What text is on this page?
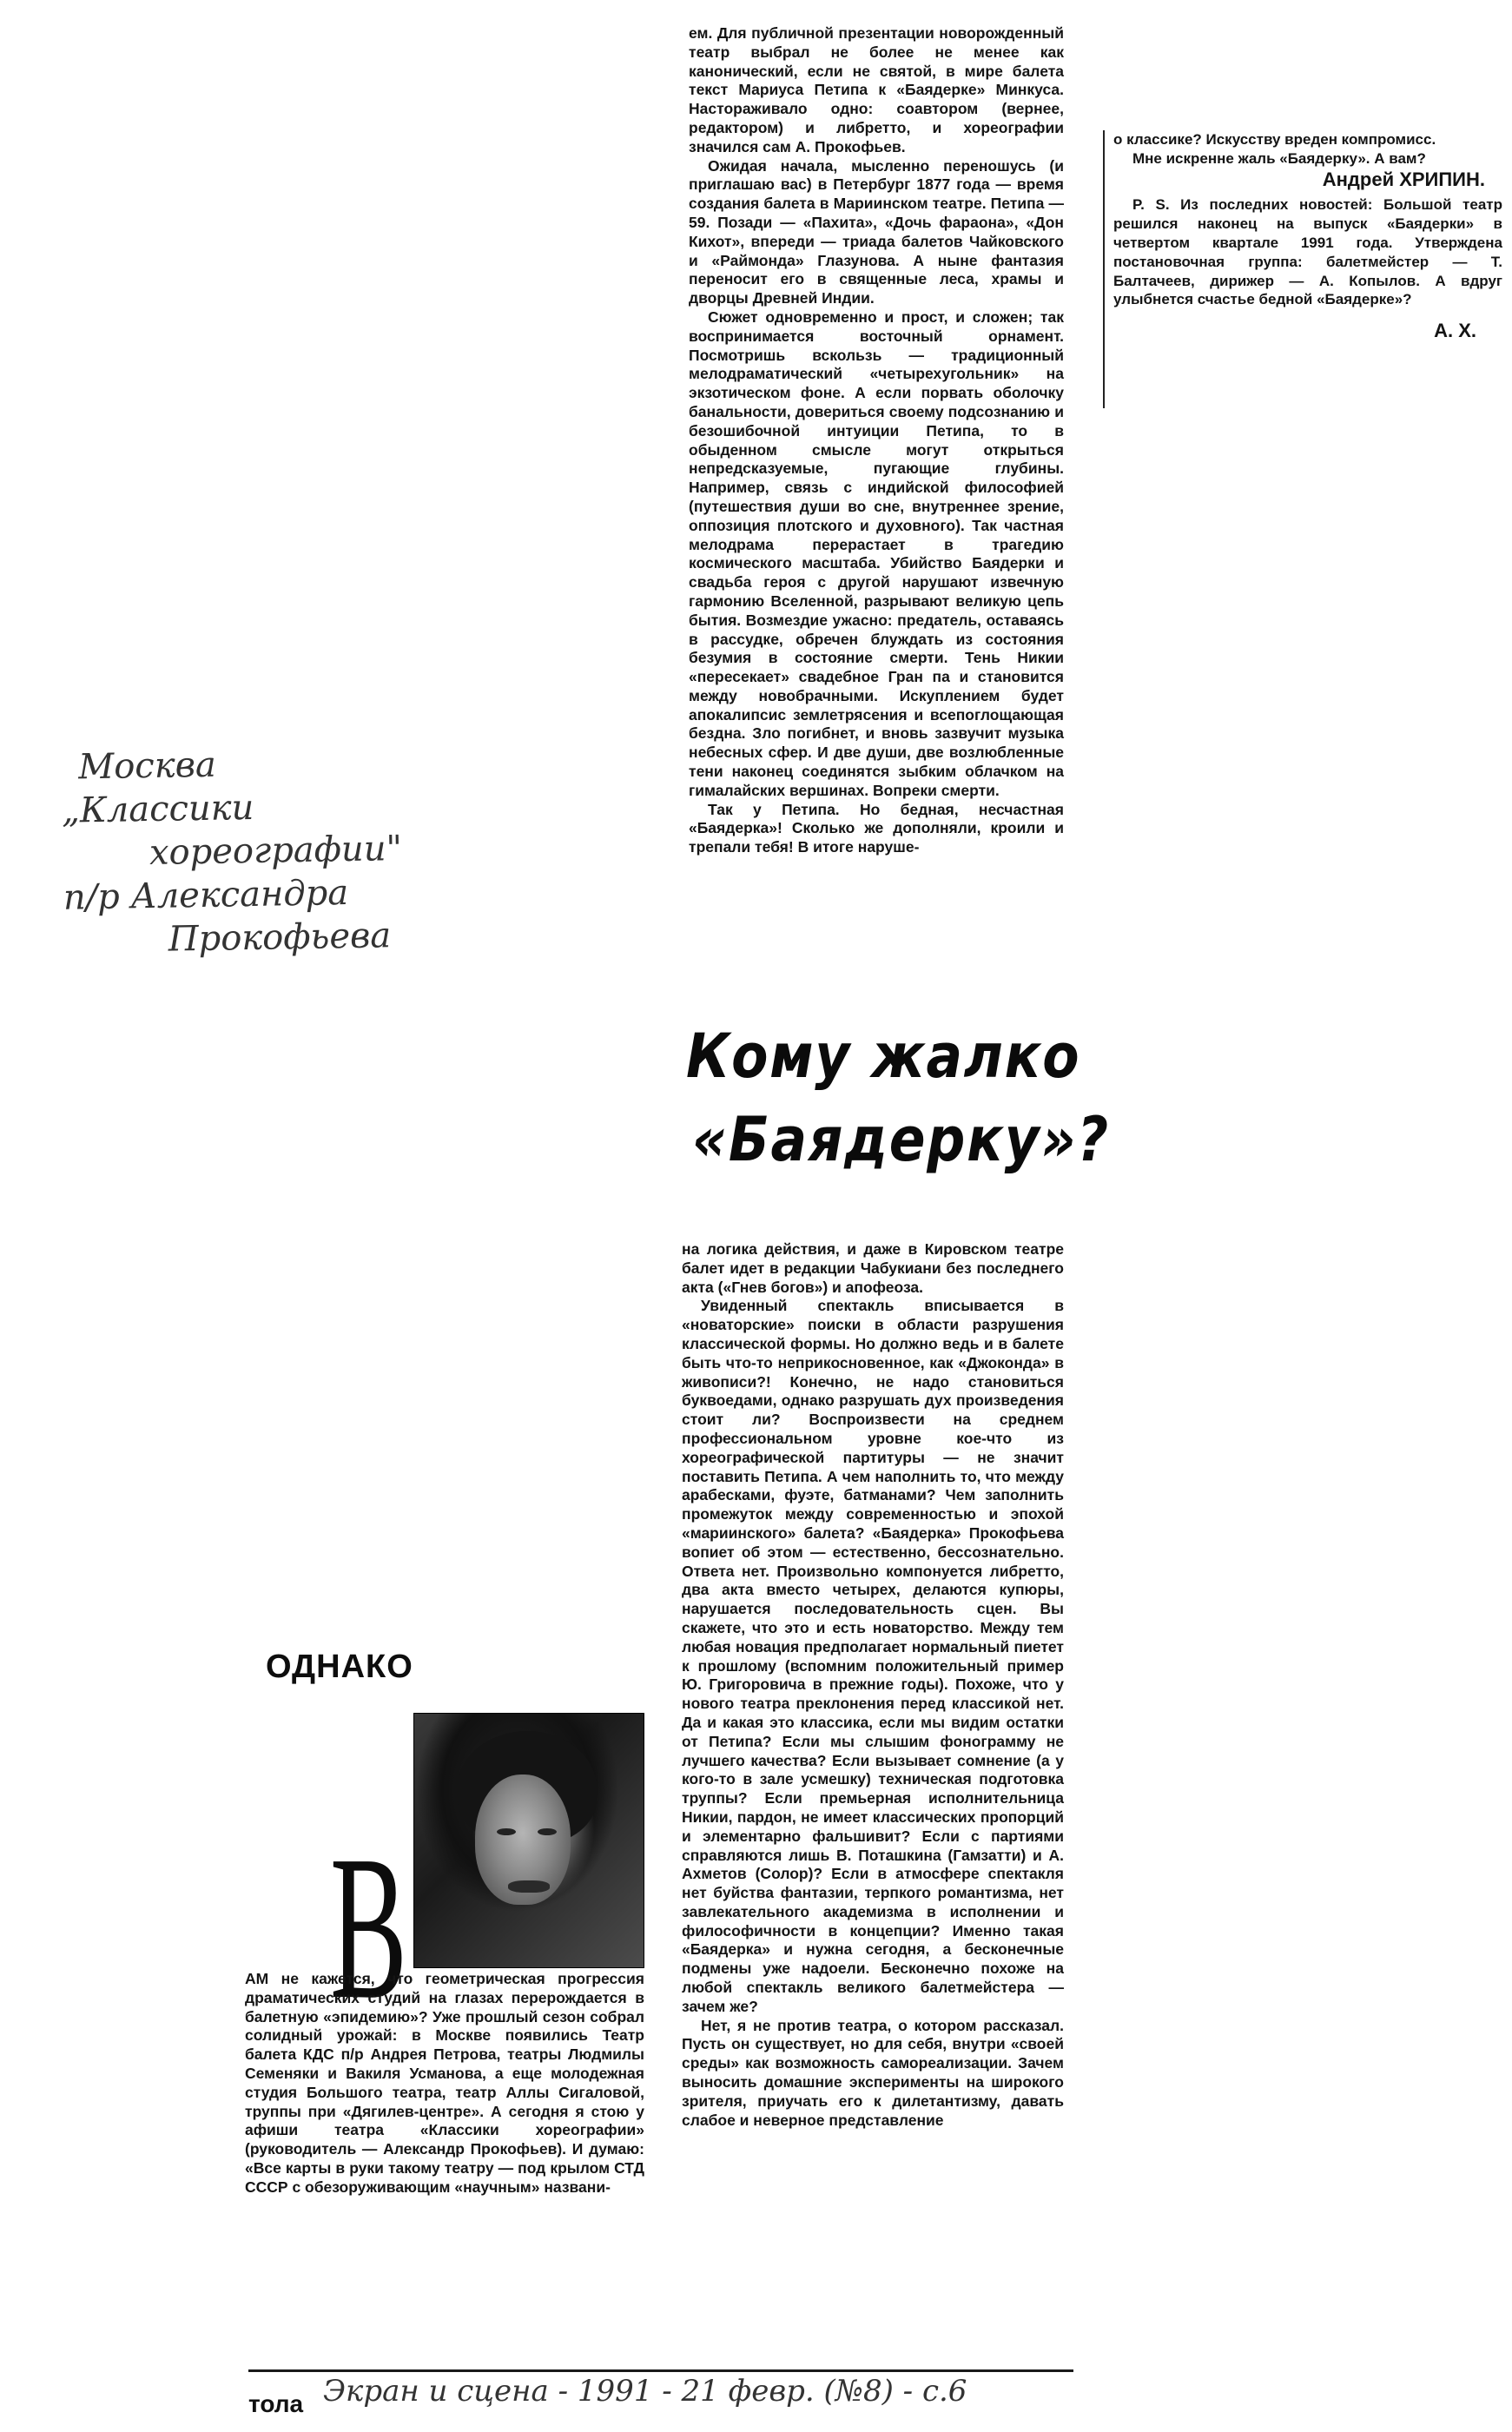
ем. Для публичной презентации новорожденный театр выбрал не более не менее как канонический, если не святой, в мире балета текст Мариуса Петипа к «Баядерке» Минкуса. Настораживало одно: соавтором (вернее, редактором) и либретто, и хореографии значился сам А. Прокофьев.

Ожидая начала, мысленно переношусь (и приглашаю вас) в Петербург 1877 года — время создания балета в Мариинском театре. Петипа — 59. Позади — «Пахита», «Дочь фараона», «Дон Кихот», впереди — триада балетов Чайковского и «Раймонда» Глазунова. А ныне фантазия переносит его в священные леса, храмы и дворцы Древней Индии.

Сюжет одновременно и прост, и сложен; так воспринимается восточный орнамент. Посмотришь вскользь — традиционный мелодраматический «четырехугольник» на экзотическом фоне. А если порвать оболочку банальности, довериться своему подсознанию и безошибочной интуиции Петипа, то в обыденном смысле могут открыться непредсказуемые, пугающие глубины. Например, связь с индийской философией (путешествия души во сне, внутреннее зрение, оппозиция плотского и духовного). Так частная мелодрама перерастает в трагедию космического масштаба. Убийство Баядерки и свадьба героя с другой нарушают извечную гармонию Вселенной, разрывают великую цепь бытия. Возмездие ужасно: предатель, оставаясь в рассудке, обречен блуждать из состояния безумия в состояние смерти. Тень Никии «пересекает» свадебное Гран па и становится между новобрачными. Искуплением будет апокалипсис землетрясения и всепоглощающая бездна. Зло погибнет, и вновь зазвучит музыка небесных сфер. И две души, две возлюбленные тени наконец соединятся зыбким облачком на гималайских вершинах. Вопреки смерти.

Так у Петипа. Но бедная, несчастная «Баядерка»! Сколько же дополняли, кроили и трепали тебя! В итоге наруше-

Кому жалко
«Баядерку»?

на логика действия, и даже в Кировском театре балет идет в редакции Чабукиани без последнего акта («Гнев богов») и апофеоза.

Увиденный спектакль вписывается в «новаторские» поиски в области разрушения классической формы. Но должно ведь и в балете быть что-то неприкосновенное, как «Джоконда» в живописи?! Конечно, не надо становиться буквоедами, однако разрушать дух произведения стоит ли? Воспроизвести на среднем профессиональном уровне кое-что из хореографической партитуры — не значит поставить Петипа. А чем наполнить то, что между арабесками, фуэте, батманами? Чем заполнить промежуток между современностью и эпохой «мариинского» балета? «Баядерка» Прокофьева вопиет об этом — естественно, бессознательно. Ответа нет. Произвольно компонуется либретто, два акта вместо четырех, делаются купюры, нарушается последовательность сцен. Вы скажете, что это и есть новаторство. Между тем любая новация предполагает нормальный пиетет к прошлому (вспомним положительный пример Ю. Григоровича в прежние годы). Похоже, что у нового театра преклонения перед классикой нет. Да и какая это классика, если мы видим остатки от Петипа? Если мы слышим фонограмму не лучшего качества? Если вызывает сомнение (а у кого-то в зале усмешку) техническая подготовка труппы? Если премьерная исполнительница Никии, пардон, не имеет классических пропорций и элементарно фальшивит? Если с партиями справляются лишь В. Поташкина (Гамзатти) и А. Ахметов (Солор)? Если в атмосфере спектакля нет буйства фантазии, терпкого романтизма, нет завлекательного академизма в исполнении и философичности в концепции? Именно такая «Баядерка» и нужна сегодня, а бесконечные подмены уже надоели. Бесконечно похоже на любой спектакль великого балетмейстера — зачем же?

Нет, я не против театра, о котором рассказал. Пусть он существует, но для себя, внутри «своей среды» как возможность самореализации. Зачем выносить домашние эксперименты на широкого зрителя, приучать его к дилетантизму, давать слабое и неверное представление

о классике? Искусству вреден компромисс.

Мне искренне жаль «Баядерку». А вам?

Андрей ХРИПИН.

P. S. Из последних новостей: Большой театр решился наконец на выпуск «Баядерки» в четвертом квартале 1991 года. Утверждена постановочная группа: балетмейстер — Т. Балтачеев, дирижер — А. Копылов. А вдруг улыбнется счастье бедной «Баядерке»?

А. Х.
ОДНАКО
В

АМ не кажется, что геометрическая прогрессия драматических студий на глазах перерождается в балетную «эпидемию»? Уже прошлый сезон собрал солидный урожай: в Москве появились Театр балета КДС п/р Андрея Петрова, театры Людмилы Семеняки и Вакиля Усманова, а еще молодежная студия Большого театра, театр Аллы Сигаловой, труппы при «Дягилев-центре». А сегодня я стою у афиши театра «Классики хореографии» (руководитель — Александр Прокофьев). И думаю: «Все карты в руки такому театру — под крылом СТД СССР с обезоруживающим «научным» названи-

Москва
„Классики
хореографии"
п/р Александра
Прокофьева
Экран и сцена - 1991 - 21 февр. (№8) - с.6
тола
